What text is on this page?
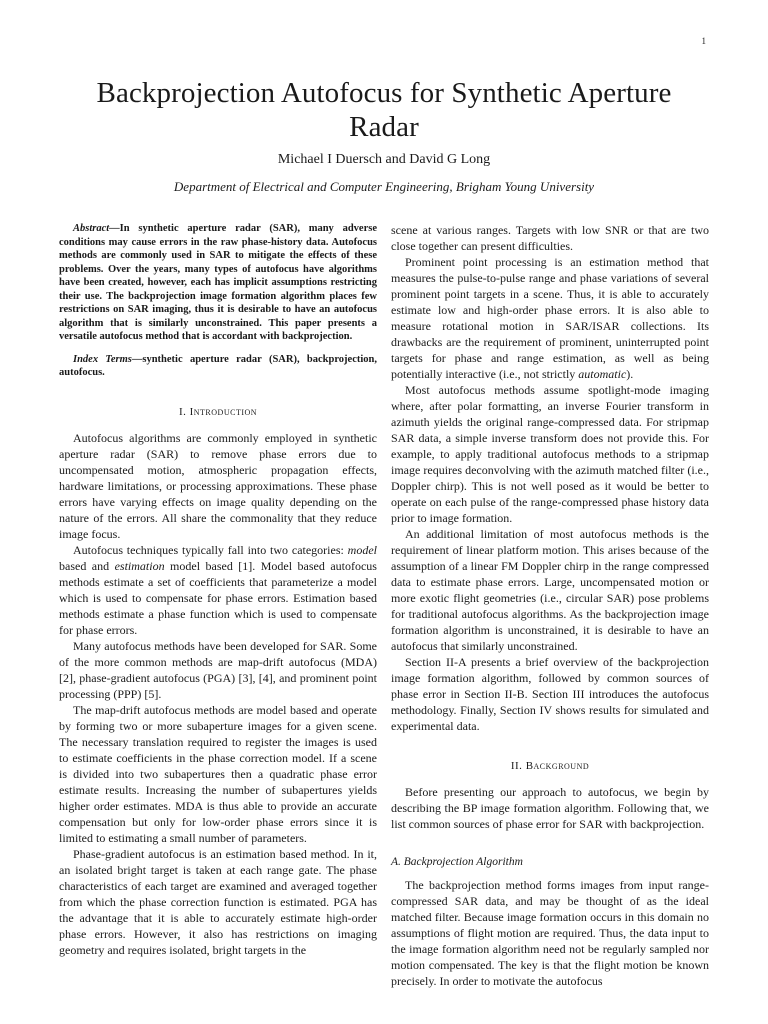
1
Backprojection Autofocus for Synthetic Aperture
Radar
Michael I Duersch and David G Long
Department of Electrical and Computer Engineering, Brigham Young University

Abstract—In synthetic aperture radar (SAR), many adverse conditions may cause errors in the raw phase-history data. Autofocus methods are commonly used in SAR to mitigate the effects of these problems. Over the years, many types of autofocus have algorithms have been created, however, each has implicit assumptions restricting their use. The backprojection image formation algorithm places few restrictions on SAR imaging, thus it is desirable to have an autofocus algorithm that is similarly unconstrained. This paper presents a versatile autofocus method that is accordant with backprojection.

Index Terms—synthetic aperture radar (SAR), backprojection, autofocus.

I. Introduction

Autofocus algorithms are commonly employed in synthetic aperture radar (SAR) to remove phase errors due to uncompensated motion, atmospheric propagation effects, hardware limitations, or processing approximations. These phase errors have varying effects on image quality depending on the nature of the errors. All share the commonality that they reduce image focus.

Autofocus techniques typically fall into two categories: model based and estimation model based [1]. Model based autofocus methods estimate a set of coefficients that parameterize a model which is used to compensate for phase errors. Estimation based methods estimate a phase function which is used to compensate for phase errors.

Many autofocus methods have been developed for SAR. Some of the more common methods are map-drift autofocus (MDA) [2], phase-gradient autofocus (PGA) [3], [4], and prominent point processing (PPP) [5].

The map-drift autofocus methods are model based and operate by forming two or more subaperture images for a given scene. The necessary translation required to register the images is used to estimate coefficients in the phase correction model. If a scene is divided into two subapertures then a quadratic phase error estimate results. Increasing the number of subapertures yields higher order estimates. MDA is thus able to provide an accurate compensation but only for low-order phase errors since it is limited to estimating a small number of parameters.

Phase-gradient autofocus is an estimation based method. In it, an isolated bright target is taken at each range gate. The phase characteristics of each target are examined and averaged together from which the phase correction function is estimated. PGA has the advantage that it is able to accurately estimate high-order phase errors. However, it also has restrictions on imaging geometry and requires isolated, bright targets in the

scene at various ranges. Targets with low SNR or that are two close together can present difficulties.

Prominent point processing is an estimation method that measures the pulse-to-pulse range and phase variations of several prominent point targets in a scene. Thus, it is able to accurately estimate low and high-order phase errors. It is also able to measure rotational motion in SAR/ISAR collections. Its drawbacks are the requirement of prominent, uninterrupted point targets for phase and range estimation, as well as being potentially interactive (i.e., not strictly automatic).

Most autofocus methods assume spotlight-mode imaging where, after polar formatting, an inverse Fourier transform in azimuth yields the original range-compressed data. For stripmap SAR data, a simple inverse transform does not provide this. For example, to apply traditional autofocus methods to a stripmap image requires deconvolving with the azimuth matched filter (i.e., Doppler chirp). This is not well posed as it would be better to operate on each pulse of the range-compressed phase history data prior to image formation.

An additional limitation of most autofocus methods is the requirement of linear platform motion. This arises because of the assumption of a linear FM Doppler chirp in the range compressed data to estimate phase errors. Large, uncompensated motion or more exotic flight geometries (i.e., circular SAR) pose problems for traditional autofocus algorithms. As the backprojection image formation algorithm is unconstrained, it is desirable to have an autofocus that similarly unconstrained.

Section II-A presents a brief overview of the backprojection image formation algorithm, followed by common sources of phase error in Section II-B. Section III introduces the autofocus methodology. Finally, Section IV shows results for simulated and experimental data.

II. Background

Before presenting our approach to autofocus, we begin by describing the BP image formation algorithm. Following that, we list common sources of phase error for SAR with backprojection.

A. Backprojection Algorithm

The backprojection method forms images from input range-compressed SAR data, and may be thought of as the ideal matched filter. Because image formation occurs in this domain no assumptions of flight motion are required. Thus, the data input to the image formation algorithm need not be regularly sampled nor motion compensated. The key is that the flight motion be known precisely. In order to motivate the autofocus
